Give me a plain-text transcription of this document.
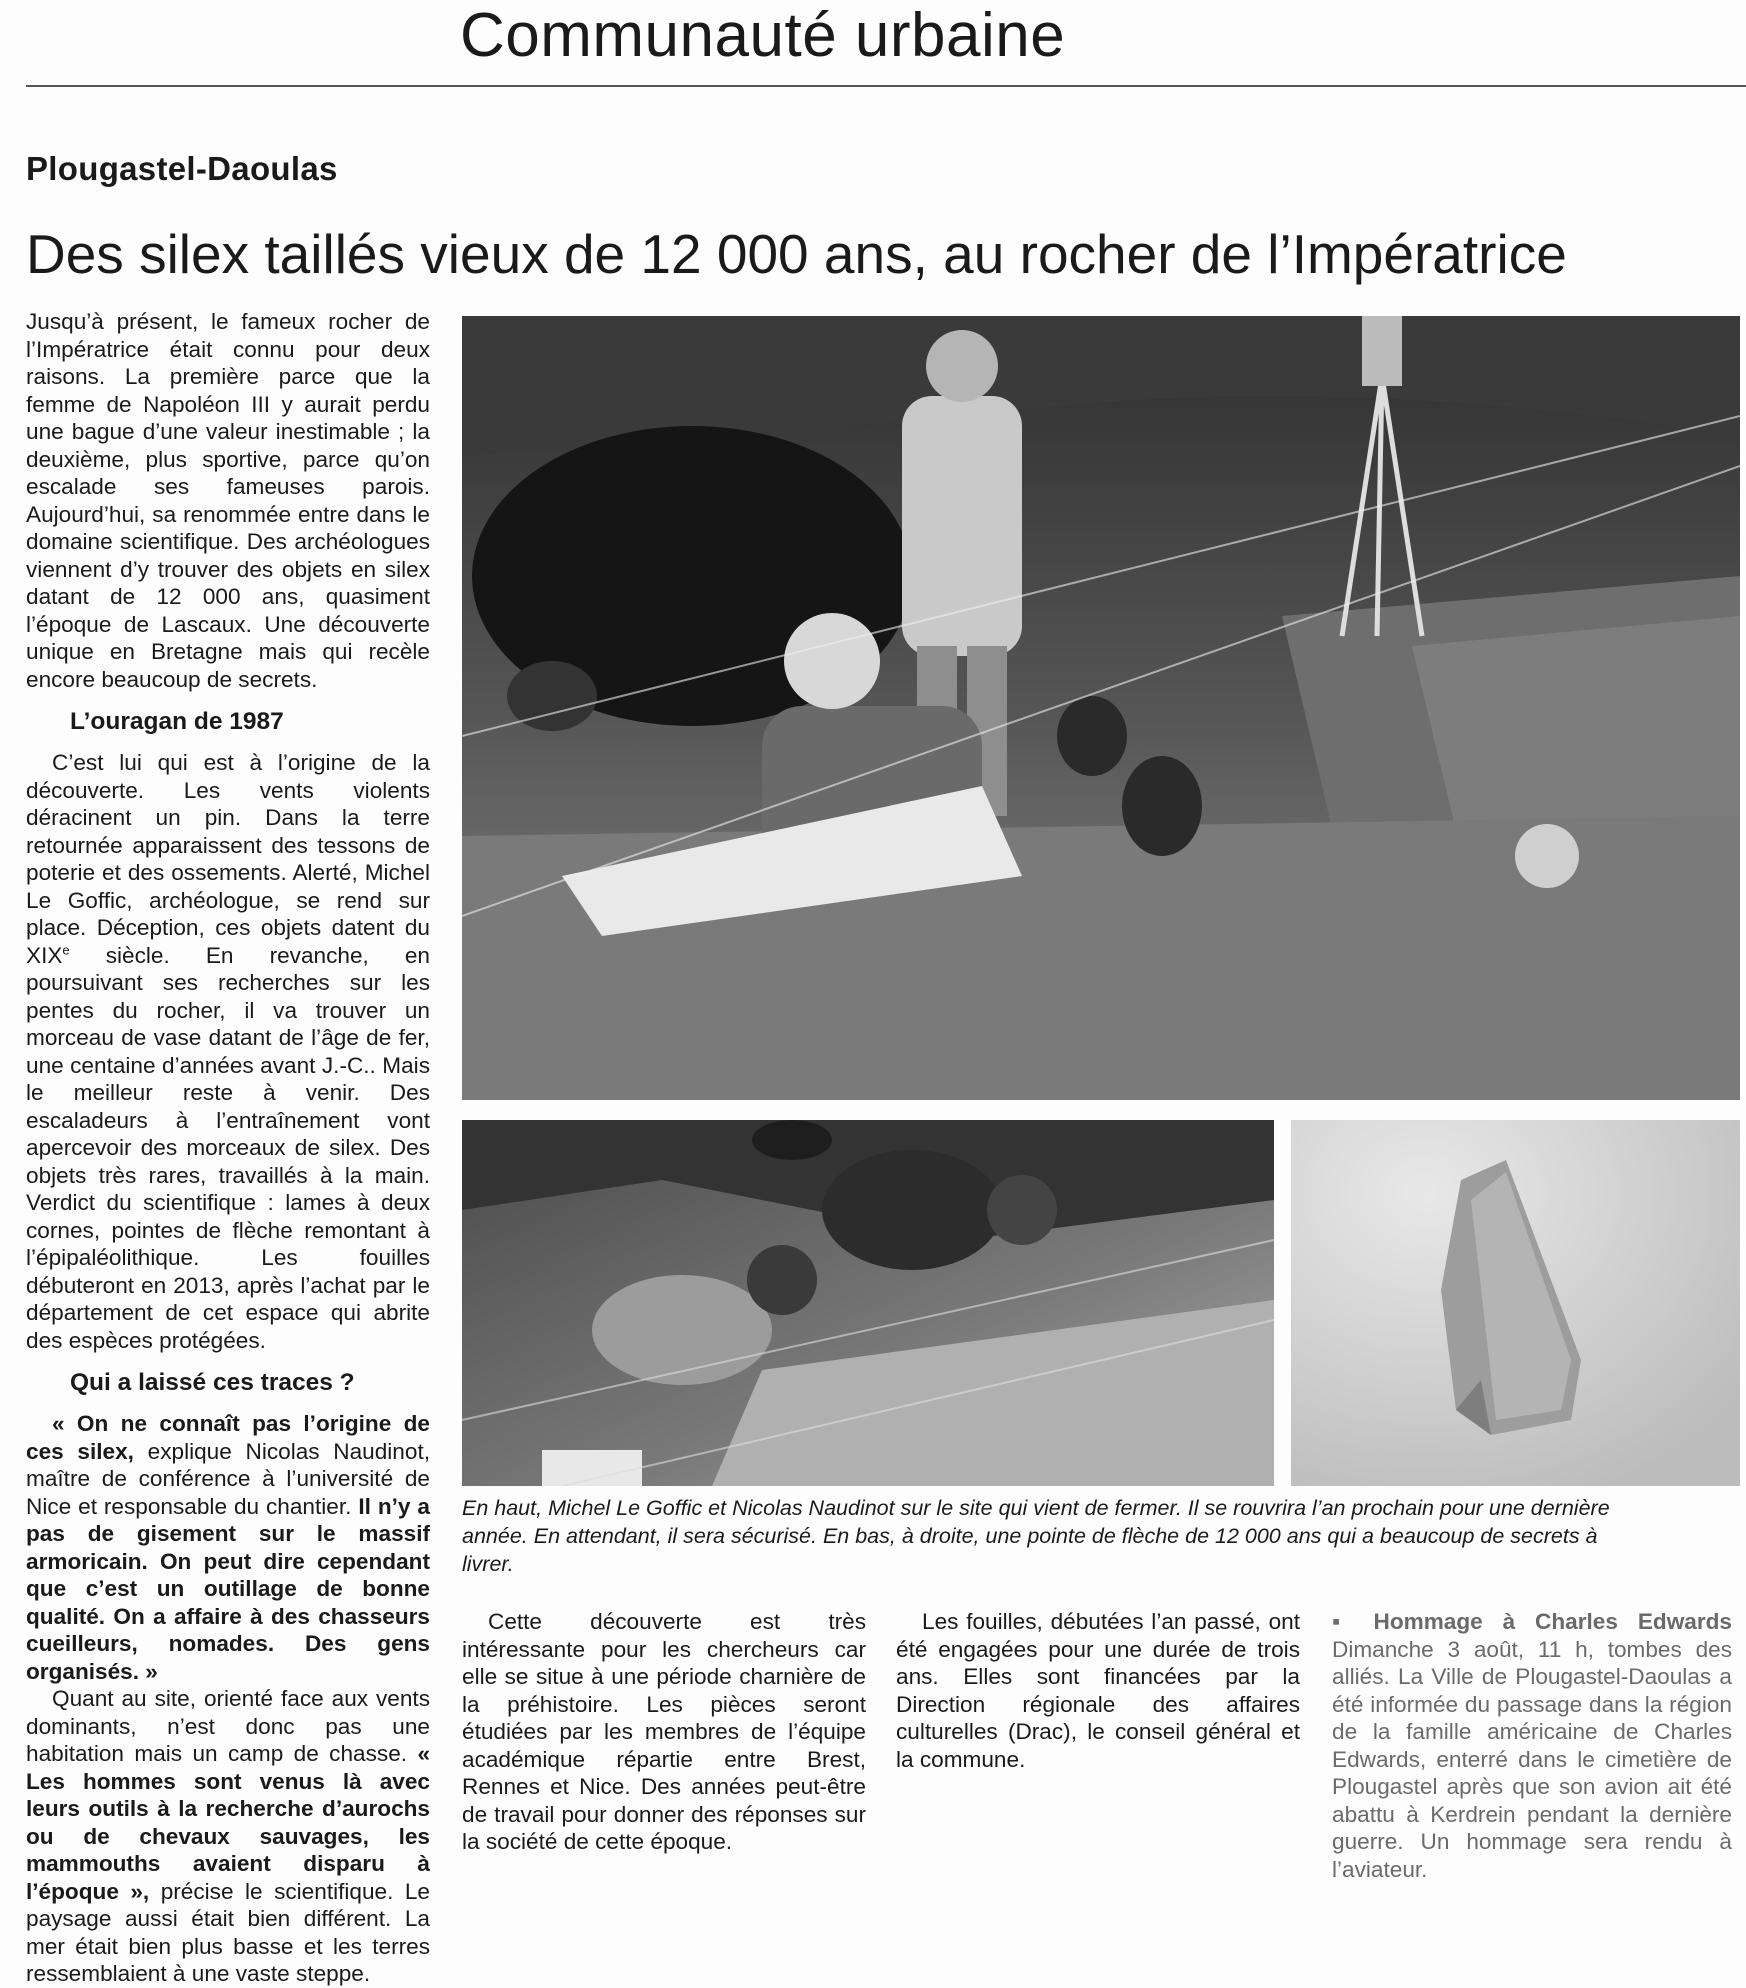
Communauté urbaine
Plougastel-Daoulas
Des silex taillés vieux de 12 000 ans, au rocher de l’Impératrice

Jusqu’à présent, le fameux rocher de l’Impératrice était connu pour deux raisons. La première parce que la femme de Napoléon III y aurait perdu une bague d’une valeur inestimable ; la deuxième, plus sportive, parce qu’on escalade ses fameuses parois. Aujourd’hui, sa renommée entre dans le domaine scientifique. Des archéologues viennent d’y trouver des objets en silex datant de 12 000 ans, quasiment l’époque de Lascaux. Une découverte unique en Bretagne mais qui recèle encore beaucoup de secrets.

L’ouragan de 1987

C’est lui qui est à l’origine de la découverte. Les vents violents déracinent un pin. Dans la terre retournée apparaissent des tessons de poterie et des ossements. Alerté, Michel Le Goffic, archéologue, se rend sur place. Déception, ces objets datent du XIXe siècle. En revanche, en poursuivant ses recherches sur les pentes du rocher, il va trouver un morceau de vase datant de l’âge de fer, une centaine d’années avant J.-C.. Mais le meilleur reste à venir. Des escaladeurs à l’entraînement vont apercevoir des morceaux de silex. Des objets très rares, travaillés à la main. Verdict du scientifique : lames à deux cornes, pointes de flèche remontant à l’épipaléolithique. Les fouilles débuteront en 2013, après l’achat par le département de cet espace qui abrite des espèces protégées.

Qui a laissé ces traces ?

« On ne connaît pas l’origine de ces silex, explique Nicolas Naudinot, maître de conférence à l’université de Nice et responsable du chantier. Il n’y a pas de gisement sur le massif armoricain. On peut dire cependant que c’est un outillage de bonne qualité. On a affaire à des chasseurs cueilleurs, nomades. Des gens organisés. »

Quant au site, orienté face aux vents dominants, n’est donc pas une habitation mais un camp de chasse. « Les hommes sont venus là avec leurs outils à la recherche d’aurochs ou de chevaux sauvages, les mammouths avaient disparu à l’époque », précise le scientifique. Le paysage aussi était bien différent. La mer était bien plus basse et les terres ressemblaient à une vaste steppe.

En haut, Michel Le Goffic et Nicolas Naudinot sur le site qui vient de fermer. Il se rouvrira l’an prochain pour une dernière année. En attendant, il sera sécurisé. En bas, à droite, une pointe de flèche de 12 000 ans qui a beaucoup de secrets à livrer.

Cette découverte est très intéressante pour les chercheurs car elle se situe à une période charnière de la préhistoire. Les pièces seront étudiées par les membres de l’équipe académique répartie entre Brest, Rennes et Nice. Des années peut-être de travail pour donner des réponses sur la société de cette époque.

Les fouilles, débutées l’an passé, ont été engagées pour une durée de trois ans. Elles sont financées par la Direction régionale des affaires culturelles (Drac), le conseil général et la commune.

▪ Hommage à Charles Edwards Dimanche 3 août, 11 h, tombes des alliés. La Ville de Plougastel-Daoulas a été informée du passage dans la région de la famille américaine de Charles Edwards, enterré dans le cimetière de Plougastel après que son avion ait été abattu à Kerdrein pendant la dernière guerre. Un hommage sera rendu à l’aviateur.
